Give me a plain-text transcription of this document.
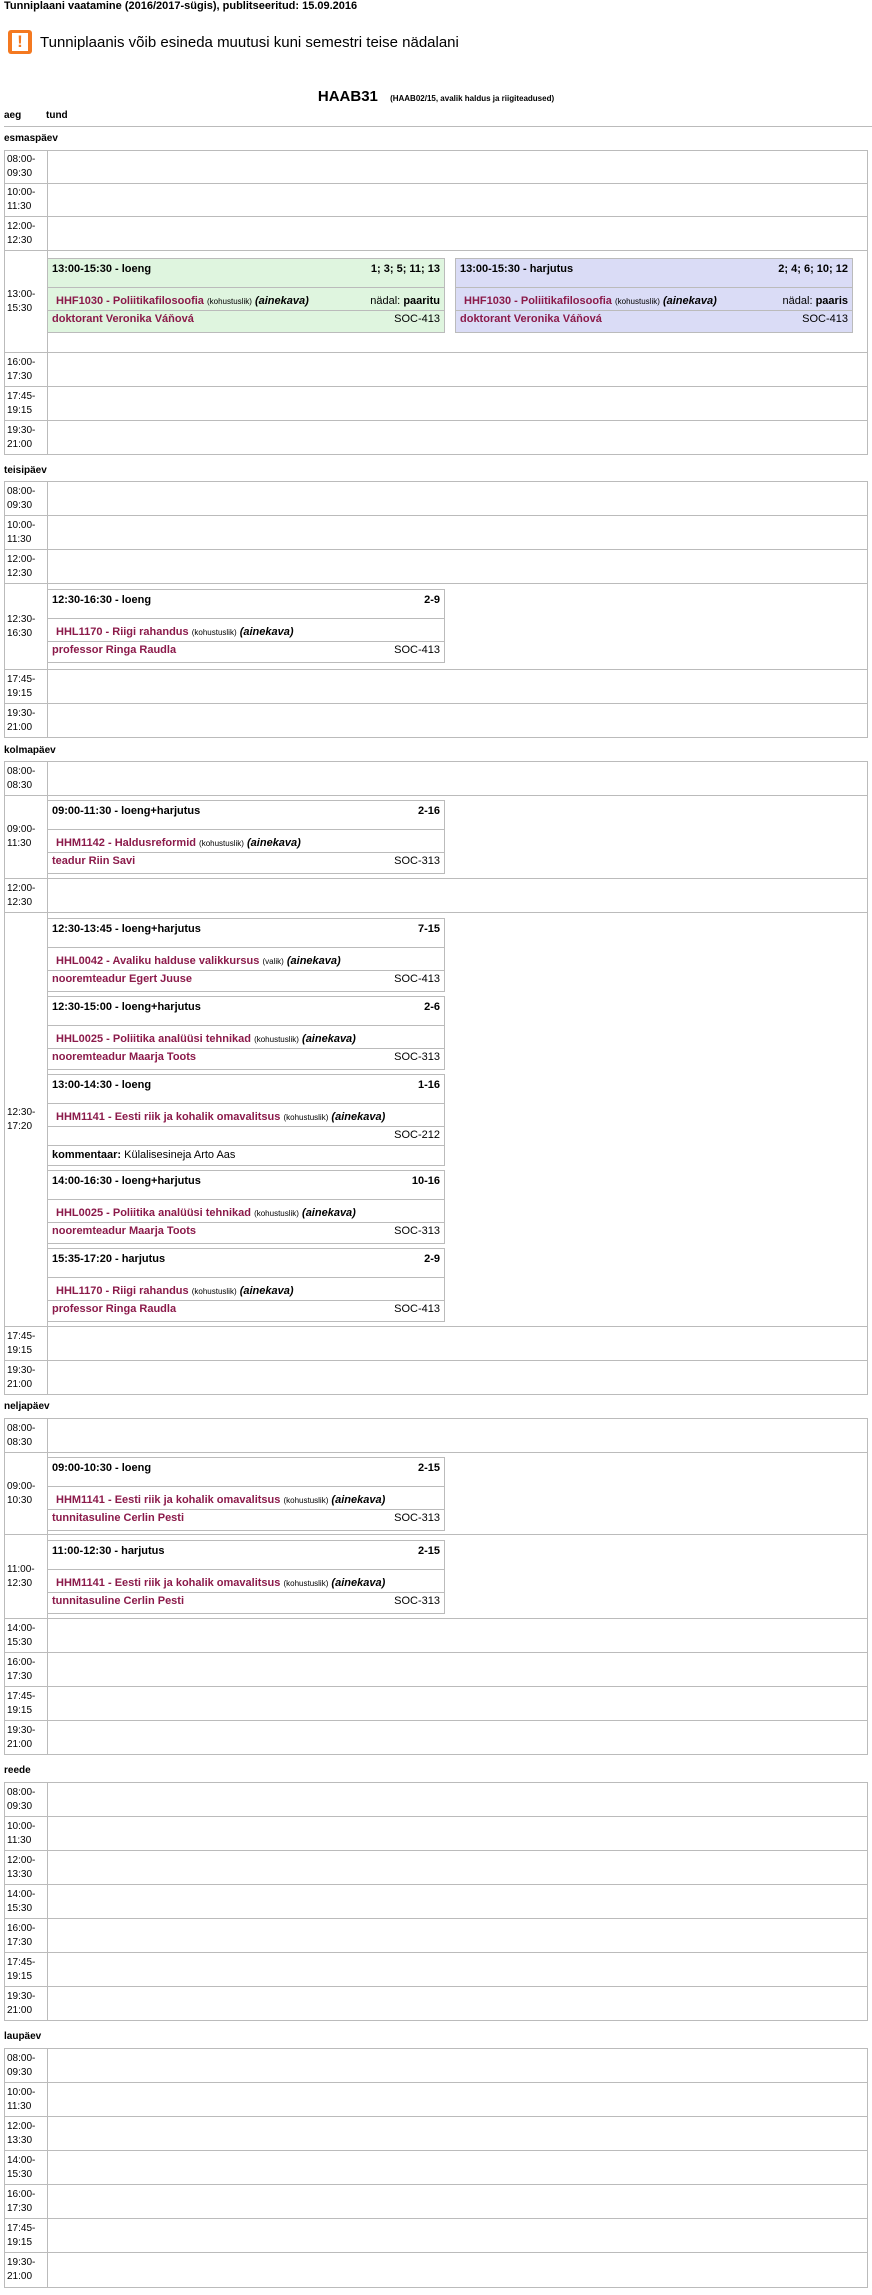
Tunniplaani vaatamine (2016/2017-sügis), publitseeritud: 15.09.2016
!
Tunniplaanis võib esineda muutusi kuni semestri teise nädalani
HAAB31 (HAAB02/15, avalik haldus ja riigiteadused)
aeg tund
esmaspäev
08:00-
09:30
10:00-
11:30
12:00-
12:30
13:00-
15:30
13:00-15:30 - loeng	1; 3; 5; 11; 13
HHF1030 - Poliitikafilosoofia (kohustuslik) (ainekava)	nädal: paaritu
doktorant Veronika Váňová	SOC-413
13:00-15:30 - harjutus	2; 4; 6; 10; 12
HHF1030 - Poliitikafilosoofia (kohustuslik) (ainekava)	nädal: paaris
doktorant Veronika Váňová	SOC-413
16:00-
17:30
17:45-
19:15
19:30-
21:00
teisipäev
08:00-
09:30
10:00-
11:30
12:00-
12:30
12:30-
16:30
12:30-16:30 - loeng	2-9
HHL1170 - Riigi rahandus (kohustuslik) (ainekava)
professor Ringa Raudla	SOC-413
17:45-
19:15
19:30-
21:00
kolmapäev
08:00-
08:30
09:00-
11:30
09:00-11:30 - loeng+harjutus	2-16
HHM1142 - Haldusreformid (kohustuslik) (ainekava)
teadur Riin Savi	SOC-313
12:00-
12:30
12:30-
17:20
12:30-13:45 - loeng+harjutus	7-15
HHL0042 - Avaliku halduse valikkursus (valik) (ainekava)
nooremteadur Egert Juuse	SOC-413
12:30-15:00 - loeng+harjutus	2-6
HHL0025 - Poliitika analüüsi tehnikad (kohustuslik) (ainekava)
nooremteadur Maarja Toots	SOC-313
13:00-14:30 - loeng	1-16
HHM1141 - Eesti riik ja kohalik omavalitsus (kohustuslik) (ainekava)
SOC-212
kommentaar: Külalisesineja Arto Aas
14:00-16:30 - loeng+harjutus	10-16
HHL0025 - Poliitika analüüsi tehnikad (kohustuslik) (ainekava)
nooremteadur Maarja Toots	SOC-313
15:35-17:20 - harjutus	2-9
HHL1170 - Riigi rahandus (kohustuslik) (ainekava)
professor Ringa Raudla	SOC-413
17:45-
19:15
19:30-
21:00
neljapäev
08:00-
08:30
09:00-
10:30
09:00-10:30 - loeng	2-15
HHM1141 - Eesti riik ja kohalik omavalitsus (kohustuslik) (ainekava)
tunnitasuline Cerlin Pesti	SOC-313
11:00-
12:30
11:00-12:30 - harjutus	2-15
HHM1141 - Eesti riik ja kohalik omavalitsus (kohustuslik) (ainekava)
tunnitasuline Cerlin Pesti	SOC-313
14:00-
15:30
16:00-
17:30
17:45-
19:15
19:30-
21:00
reede
08:00-
09:30
10:00-
11:30
12:00-
13:30
14:00-
15:30
16:00-
17:30
17:45-
19:15
19:30-
21:00
laupäev
08:00-
09:30
10:00-
11:30
12:00-
13:30
14:00-
15:30
16:00-
17:30
17:45-
19:15
19:30-
21:00
